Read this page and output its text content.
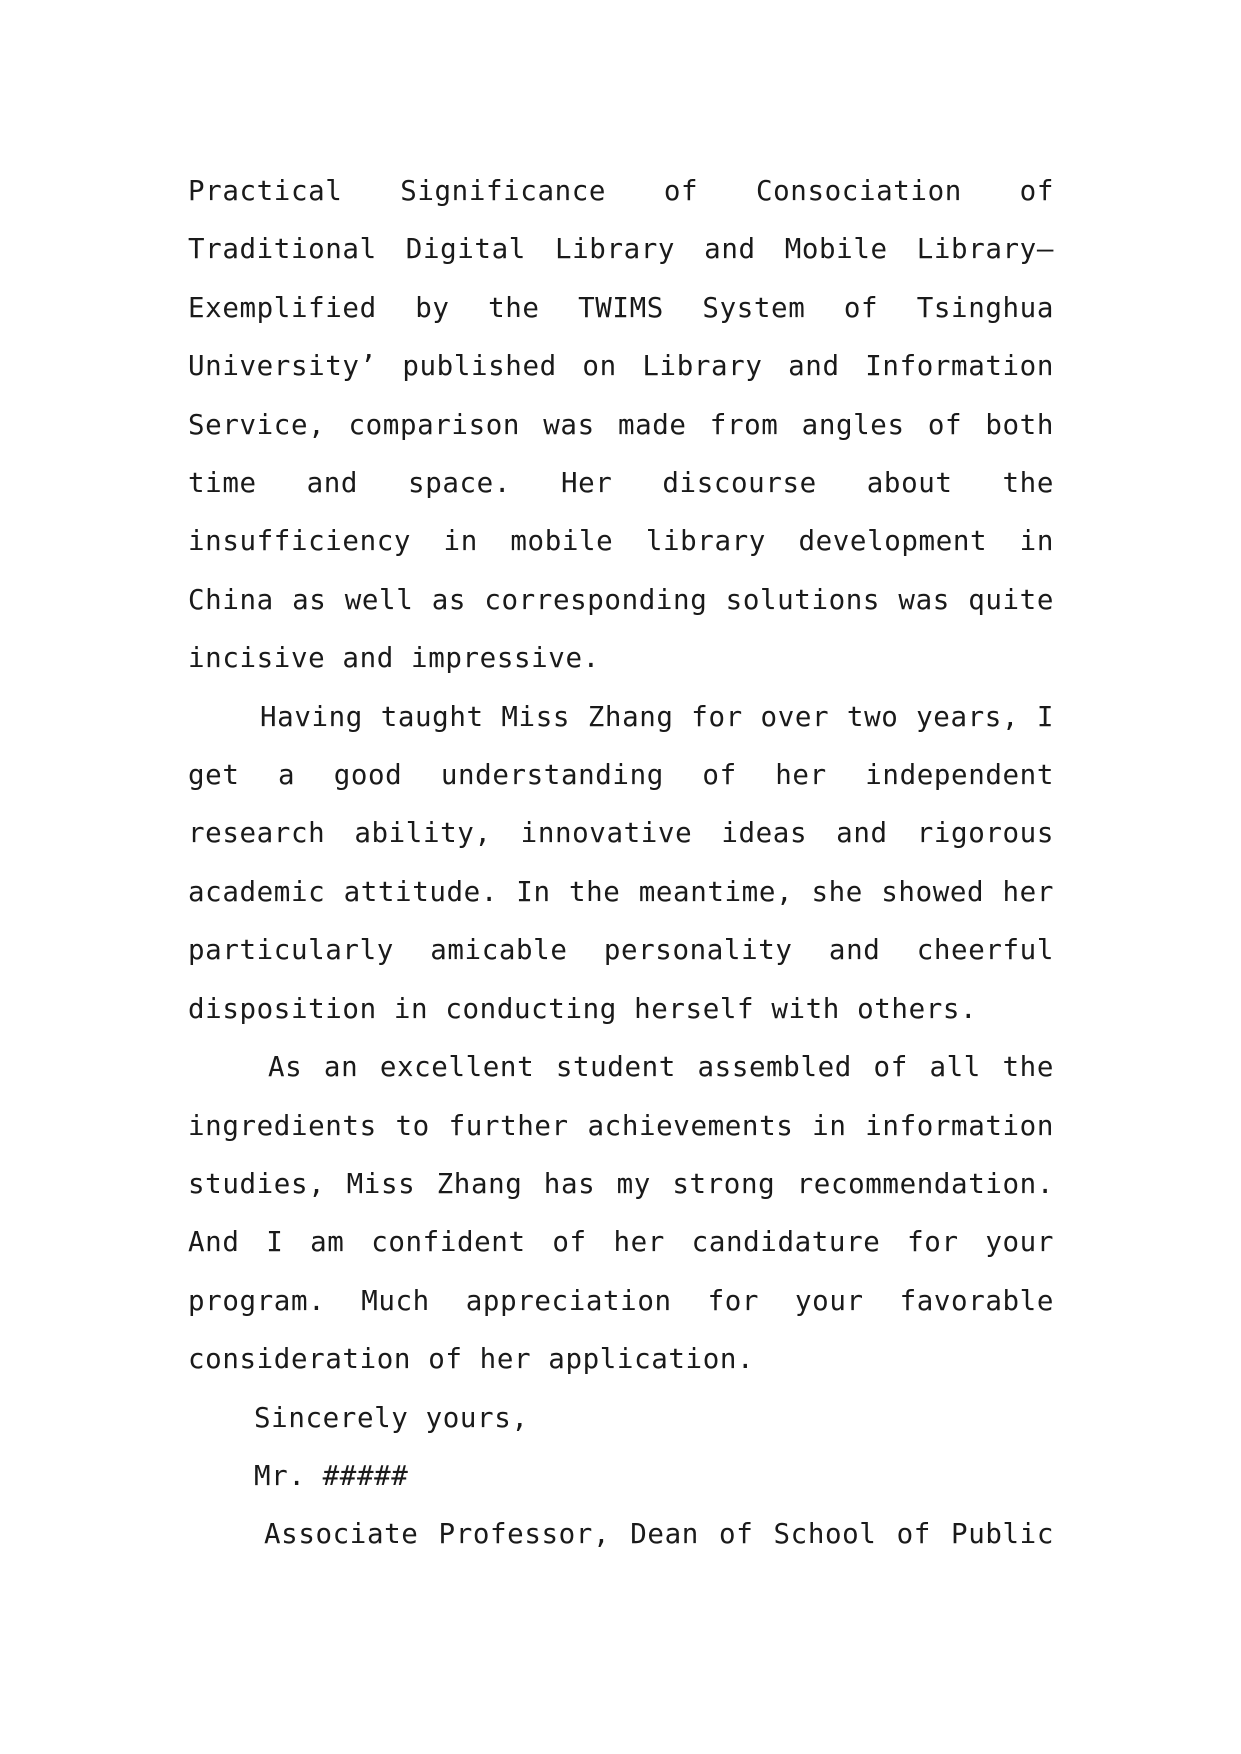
Practical Significance of Consociation of Traditional Digital Library and Mobile Library—Exemplified by the TWIMS System of Tsinghua University’ published on Library and Information Service, comparison was made from angles of both time and space. Her discourse about the insufficiency in mobile library development in China as well as corresponding solutions was quite incisive and impressive.

Having taught Miss Zhang for over two years, I get a good understanding of her independent research ability, innovative ideas and rigorous academic attitude. In the meantime, she showed her particularly amicable personality and cheerful disposition in conducting herself with others.

As an excellent student assembled of all the ingredients to further achievements in information studies, Miss Zhang has my strong recommendation. And I am confident of her candidature for your program. Much appreciation for your favorable consideration of her application.

Sincerely yours,

Mr. #####

Associate Professor, Dean of School of Public
